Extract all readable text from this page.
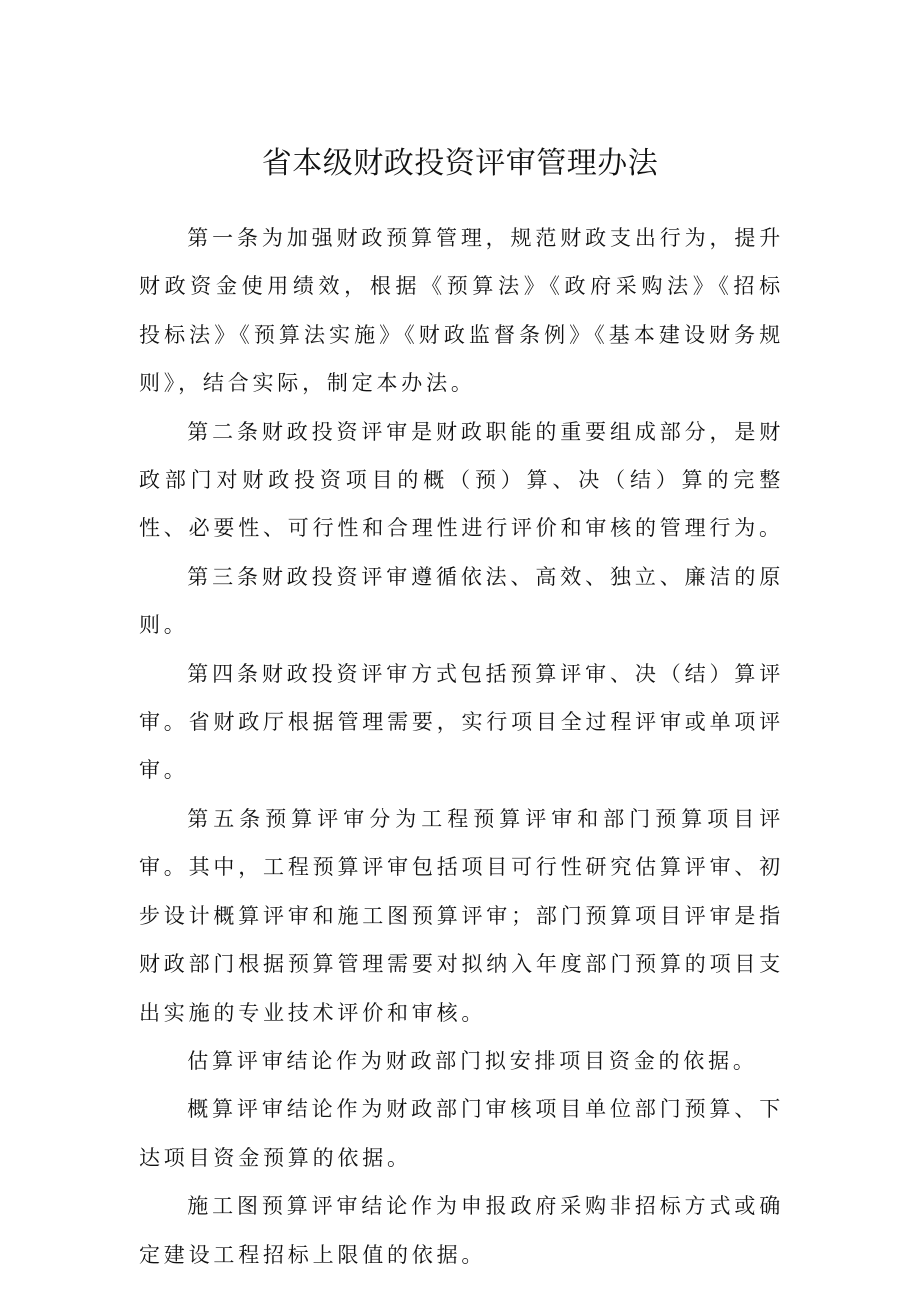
省本级财政投资评审管理办法

第一条为加强财政预算管理，规范财政支出行为，提升财政资金使用绩效，根据《预算法》《政府采购法》《招标投标法》《预算法实施》《财政监督条例》《基本建设财务规则》，结合实际，制定本办法。

第二条财政投资评审是财政职能的重要组成部分，是财政部门对财政投资项目的概（预）算、决（结）算的完整性、必要性、可行性和合理性进行评价和审核的管理行为。

第三条财政投资评审遵循依法、高效、独立、廉洁的原则。

第四条财政投资评审方式包括预算评审、决（结）算评审。省财政厅根据管理需要，实行项目全过程评审或单项评审。

第五条预算评审分为工程预算评审和部门预算项目评审。其中，工程预算评审包括项目可行性研究估算评审、初步设计概算评审和施工图预算评审；部门预算项目评审是指财政部门根据预算管理需要对拟纳入年度部门预算的项目支出实施的专业技术评价和审核。

估算评审结论作为财政部门拟安排项目资金的依据。

概算评审结论作为财政部门审核项目单位部门预算、下达项目资金预算的依据。

施工图预算评审结论作为申报政府采购非招标方式或确定建设工程招标上限值的依据。
